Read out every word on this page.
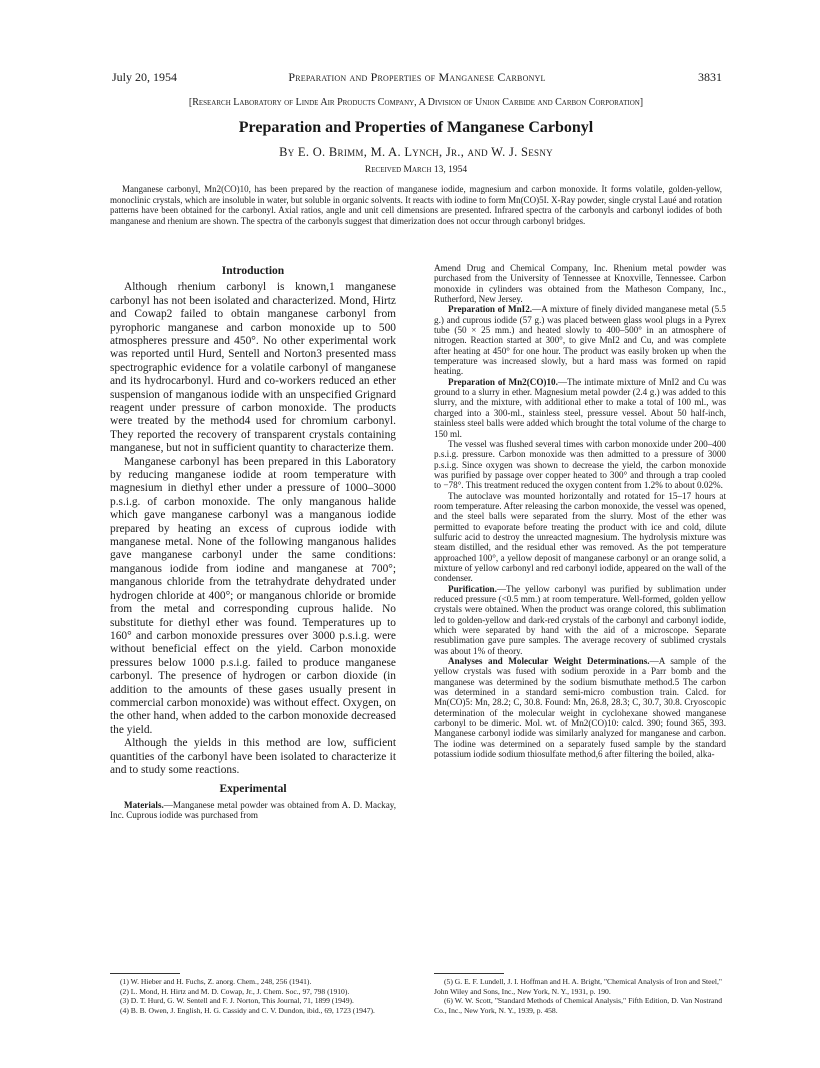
July 20, 1954	Preparation and Properties of Manganese Carbonyl	3831
[Research Laboratory of Linde Air Products Company, A Division of Union Carbide and Carbon Corporation]
Preparation and Properties of Manganese Carbonyl
By E. O. Brimm, M. A. Lynch, Jr., and W. J. Sesny
Received March 13, 1954
Manganese carbonyl, Mn2(CO)10, has been prepared by the reaction of manganese iodide, magnesium and carbon monoxide. It forms volatile, golden-yellow, monoclinic crystals, which are insoluble in water, but soluble in organic solvents. It reacts with iodine to form Mn(CO)5I. X-Ray powder, single crystal Laué and rotation patterns have been obtained for the carbonyl. Axial ratios, angle and unit cell dimensions are presented. Infrared spectra of the carbonyls and carbonyl iodides of both manganese and rhenium are shown. The spectra of the carbonyls suggest that dimerization does not occur through carbonyl bridges.
Introduction

Although rhenium carbonyl is known,1 manganese carbonyl has not been isolated and characterized. Mond, Hirtz and Cowap2 failed to obtain manganese carbonyl from pyrophoric manganese and carbon monoxide up to 500 atmospheres pressure and 450°. No other experimental work was reported until Hurd, Sentell and Norton3 presented mass spectrographic evidence for a volatile carbonyl of manganese and its hydrocarbonyl. Hurd and co-workers reduced an ether suspension of manganous iodide with an unspecified Grignard reagent under pressure of carbon monoxide. The products were treated by the method4 used for chromium carbonyl. They reported the recovery of transparent crystals containing manganese, but not in sufficient quantity to characterize them.

Manganese carbonyl has been prepared in this Laboratory by reducing manganese iodide at room temperature with magnesium in diethyl ether under a pressure of 1000–3000 p.s.i.g. of carbon monoxide. The only manganous halide which gave manganese carbonyl was a manganous iodide prepared by heating an excess of cuprous iodide with manganese metal. None of the following manganous halides gave manganese carbonyl under the same conditions: manganous iodide from iodine and manganese at 700°; manganous chloride from the tetrahydrate dehydrated under hydrogen chloride at 400°; or manganous chloride or bromide from the metal and corresponding cuprous halide. No substitute for diethyl ether was found. Temperatures up to 160° and carbon monoxide pressures over 3000 p.s.i.g. were without beneficial effect on the yield. Carbon monoxide pressures below 1000 p.s.i.g. failed to produce manganese carbonyl. The presence of hydrogen or carbon dioxide (in addition to the amounts of these gases usually present in commercial carbon monoxide) was without effect. Oxygen, on the other hand, when added to the carbon monoxide decreased the yield.

Although the yields in this method are low, sufficient quantities of the carbonyl have been isolated to characterize it and to study some reactions.

Experimental

Materials.—Manganese metal powder was obtained from A. D. Mackay, Inc. Cuprous iodide was purchased from

Amend Drug and Chemical Company, Inc. Rhenium metal powder was purchased from the University of Tennessee at Knoxville, Tennessee. Carbon monoxide in cylinders was obtained from the Matheson Company, Inc., Rutherford, New Jersey.

Preparation of MnI2.—A mixture of finely divided manganese metal (5.5 g.) and cuprous iodide (57 g.) was placed between glass wool plugs in a Pyrex tube (50 × 25 mm.) and heated slowly to 400–500° in an atmosphere of nitrogen. Reaction started at 300°, to give MnI2 and Cu, and was complete after heating at 450° for one hour. The product was easily broken up when the temperature was increased slowly, but a hard mass was formed on rapid heating.

Preparation of Mn2(CO)10.—The intimate mixture of MnI2 and Cu was ground to a slurry in ether. Magnesium metal powder (2.4 g.) was added to this slurry, and the mixture, with additional ether to make a total of 100 ml., was charged into a 300-ml., stainless steel, pressure vessel. About 50 half-inch, stainless steel balls were added which brought the total volume of the charge to 150 ml.

The vessel was flushed several times with carbon monoxide under 200–400 p.s.i.g. pressure. Carbon monoxide was then admitted to a pressure of 3000 p.s.i.g. Since oxygen was shown to decrease the yield, the carbon monoxide was purified by passage over copper heated to 300° and through a trap cooled to −78°. This treatment reduced the oxygen content from 1.2% to about 0.02%.

The autoclave was mounted horizontally and rotated for 15–17 hours at room temperature. After releasing the carbon monoxide, the vessel was opened, and the steel balls were separated from the slurry. Most of the ether was permitted to evaporate before treating the product with ice and cold, dilute sulfuric acid to destroy the unreacted magnesium. The hydrolysis mixture was steam distilled, and the residual ether was removed. As the pot temperature approached 100°, a yellow deposit of manganese carbonyl or an orange solid, a mixture of yellow carbonyl and red carbonyl iodide, appeared on the wall of the condenser.

Purification.—The yellow carbonyl was purified by sublimation under reduced pressure (<0.5 mm.) at room temperature. Well-formed, golden yellow crystals were obtained. When the product was orange colored, this sublimation led to golden-yellow and dark-red crystals of the carbonyl and carbonyl iodide, which were separated by hand with the aid of a microscope. Separate resublimation gave pure samples. The average recovery of sublimed crystals was about 1% of theory.

Analyses and Molecular Weight Determinations.—A sample of the yellow crystals was fused with sodium peroxide in a Parr bomb and the manganese was determined by the sodium bismuthate method.5 The carbon was determined in a standard semi-micro combustion train. Calcd. for Mn(CO)5: Mn, 28.2; C, 30.8. Found: Mn, 26.8, 28.3; C, 30.7, 30.8. Cryoscopic determination of the molecular weight in cyclohexane showed manganese carbonyl to be dimeric. Mol. wt. of Mn2(CO)10: calcd. 390; found 365, 393. Manganese carbonyl iodide was similarly analyzed for manganese and carbon. The iodine was determined on a separately fused sample by the standard potassium iodide sodium thiosulfate method,6 after filtering the boiled, alka-

(1) W. Hieber and H. Fuchs, Z. anorg. Chem., 248, 256 (1941).

(2) L. Mond, H. Hirtz and M. D. Cowap, Jr., J. Chem. Soc., 97, 798 (1910).

(3) D. T. Hurd, G. W. Sentell and F. J. Norton, This Journal, 71, 1899 (1949).

(4) B. B. Owen, J. English, H. G. Cassidy and C. V. Dundon, ibid., 69, 1723 (1947).

(5) G. E. F. Lundell, J. I. Hoffman and H. A. Bright, "Chemical Analysis of Iron and Steel," John Wiley and Sons, Inc., New York, N. Y., 1931, p. 190.

(6) W. W. Scott, "Standard Methods of Chemical Analysis," Fifth Edition, D. Van Nostrand Co., Inc., New York, N. Y., 1939, p. 458.
